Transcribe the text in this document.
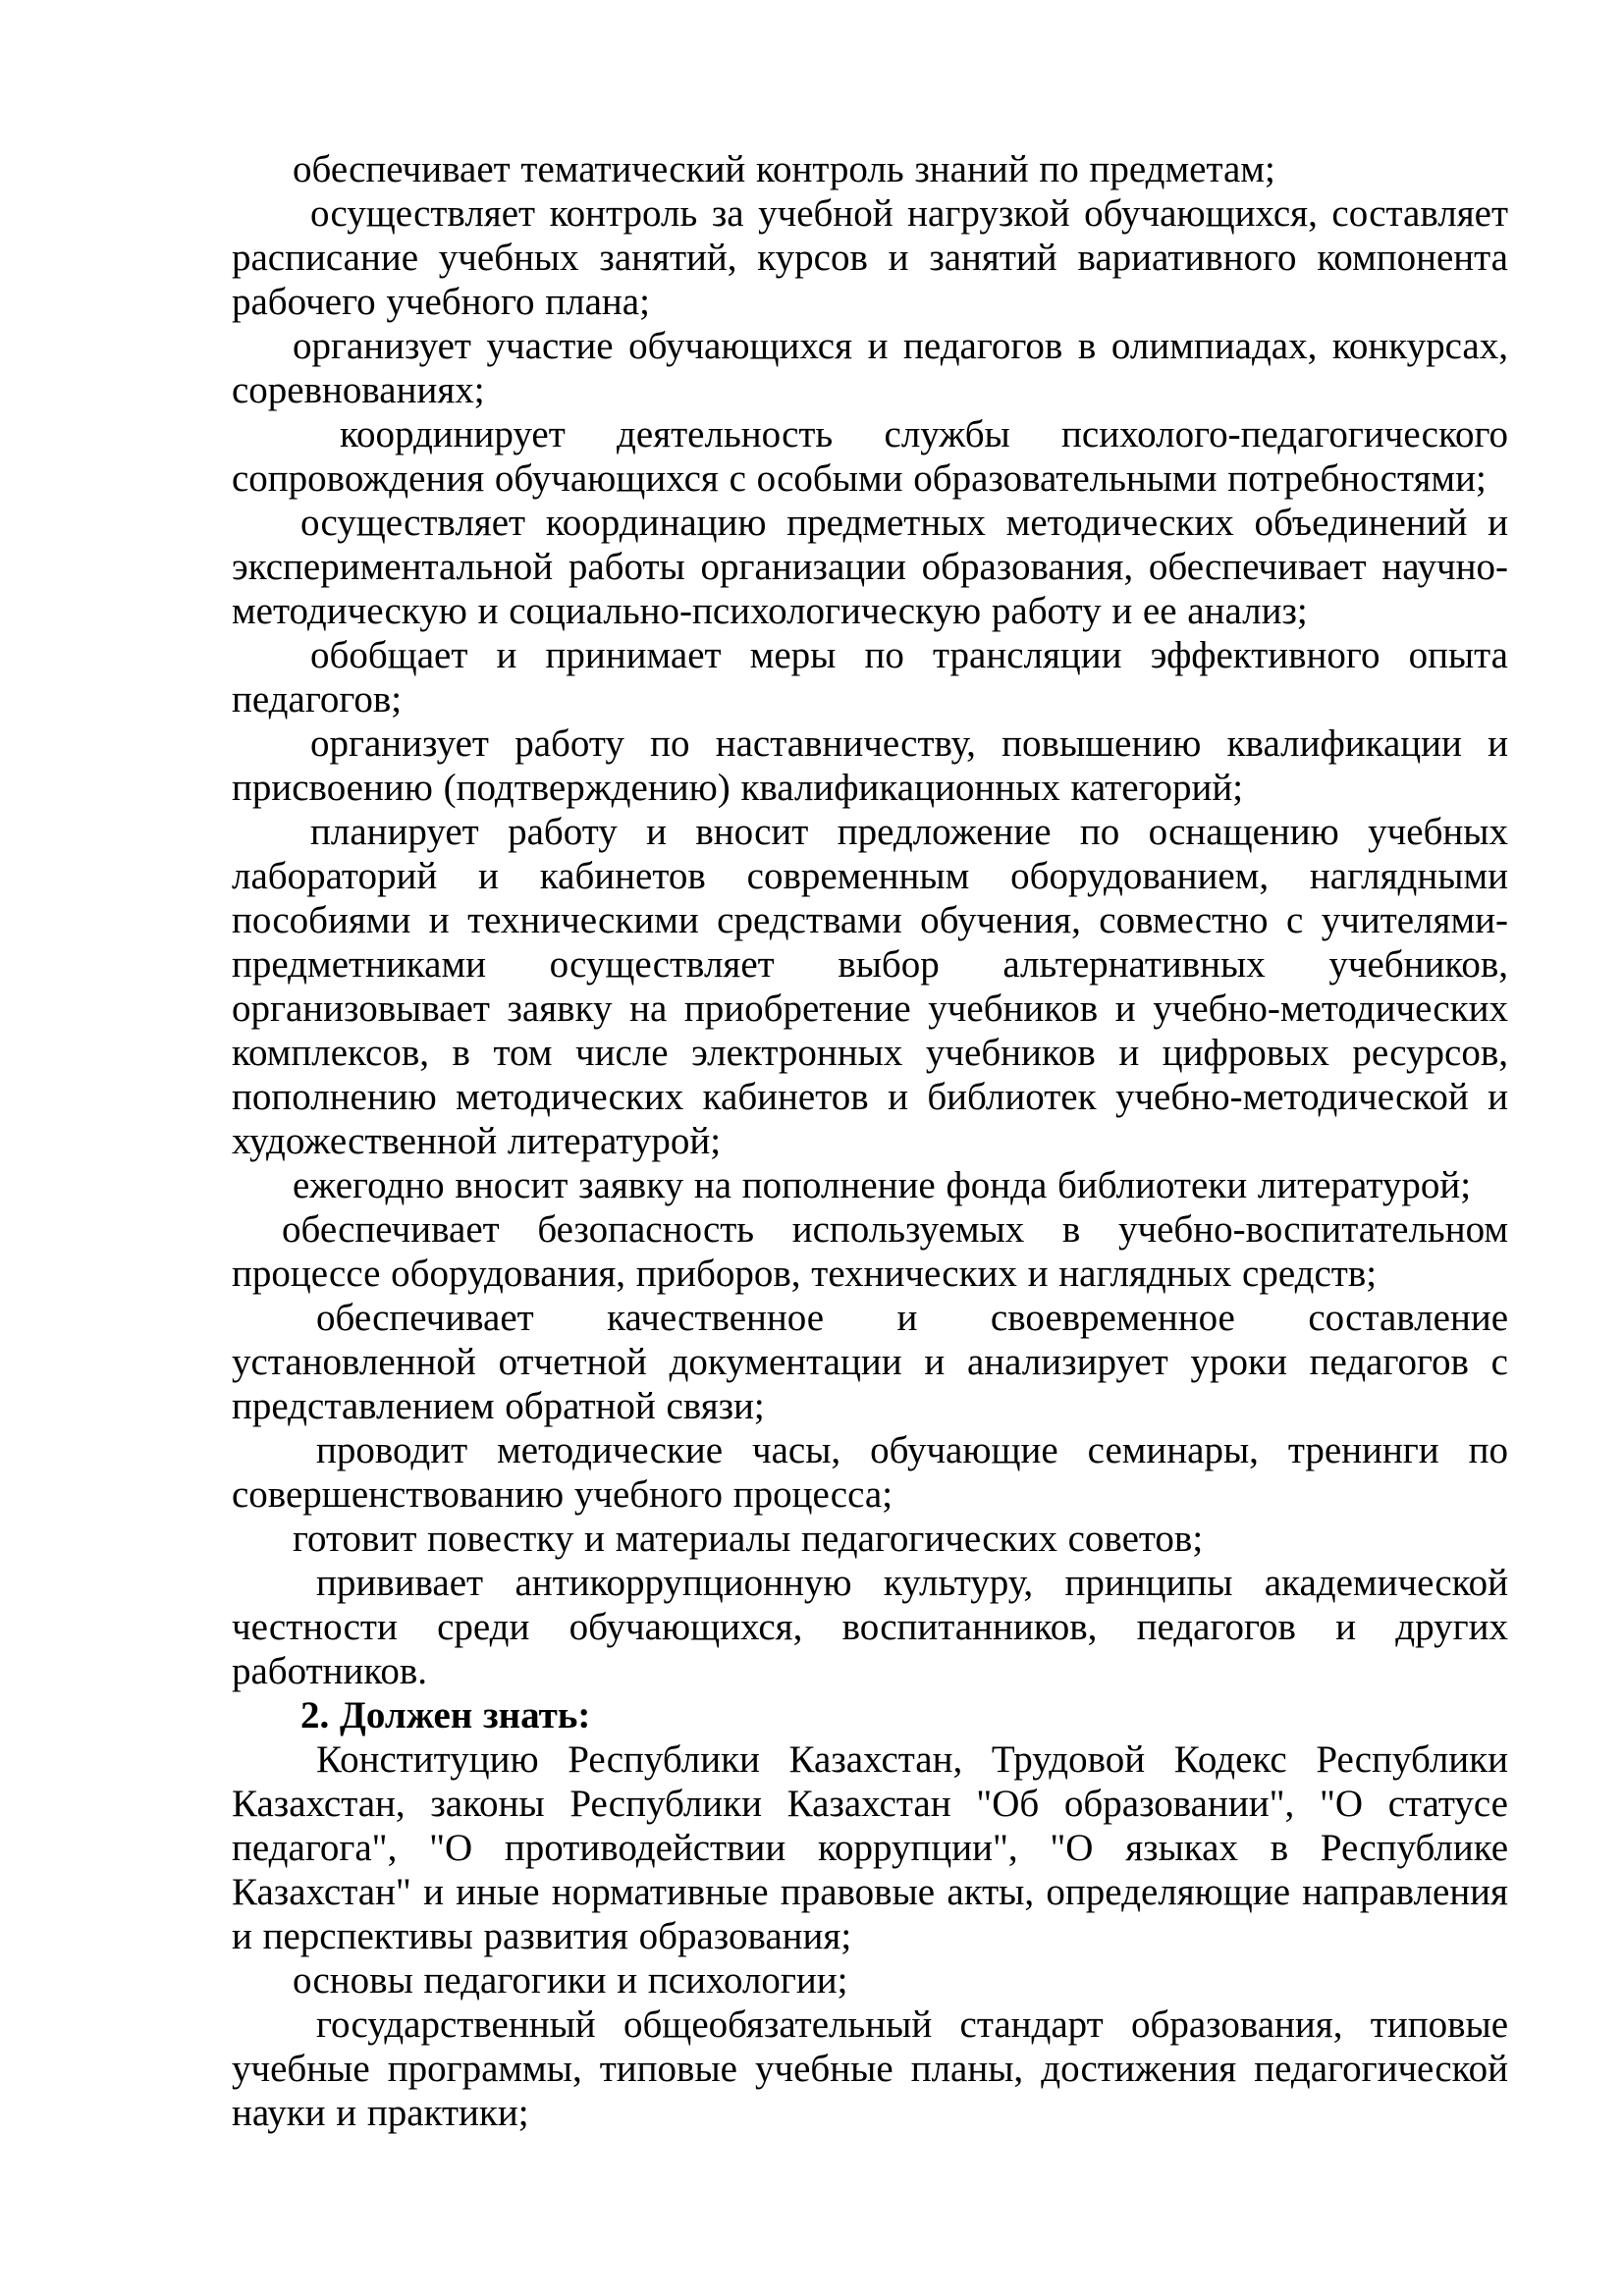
обеспечивает тематический контроль знаний по предметам;

осуществляет контроль за учебной нагрузкой обучающихся, составляет расписание учебных занятий, курсов и занятий вариативного компонента рабочего учебного плана;

организует участие обучающихся и педагогов в олимпиадах, конкурсах, соревнованиях;

координирует деятельность службы психолого-педагогического сопровождения обучающихся с особыми образовательными потребностями;

осуществляет координацию предметных методических объединений и экспериментальной работы организации образования, обеспечивает научно-методическую и социально-психологическую работу и ее анализ;

обобщает и принимает меры по трансляции эффективного опыта педагогов;

организует работу по наставничеству, повышению квалификации и присвоению (подтверждению) квалификационных категорий;

планирует работу и вносит предложение по оснащению учебных лабораторий и кабинетов современным оборудованием, наглядными пособиями и техническими средствами обучения, совместно с учителями-предметниками осуществляет выбор альтернативных учебников, организовывает заявку на приобретение учебников и учебно-методических комплексов, в том числе электронных учебников и цифровых ресурсов, пополнению методических кабинетов и библиотек учебно-методической и художественной литературой;

ежегодно вносит заявку на пополнение фонда библиотеки литературой;

обеспечивает безопасность используемых в учебно-воспитательном процессе оборудования, приборов, технических и наглядных средств;

обеспечивает качественное и своевременное составление установленной отчетной документации и анализирует уроки педагогов с представлением обратной связи;

проводит методические часы, обучающие семинары, тренинги по совершенствованию учебного процесса;

готовит повестку и материалы педагогических советов;

прививает антикоррупционную культуру, принципы академической честности среди обучающихся, воспитанников, педагогов и других работников.

2. Должен знать:

Конституцию Республики Казахстан, Трудовой Кодекс Республики Казахстан, законы Республики Казахстан "Об образовании", "О статусе педагога", "О противодействии коррупции", "О языках в Республике Казахстан" и иные нормативные правовые акты, определяющие направления и перспективы развития образования;

основы педагогики и психологии;

государственный общеобязательный стандарт образования, типовые учебные программы, типовые учебные планы, достижения педагогической науки и практики;
